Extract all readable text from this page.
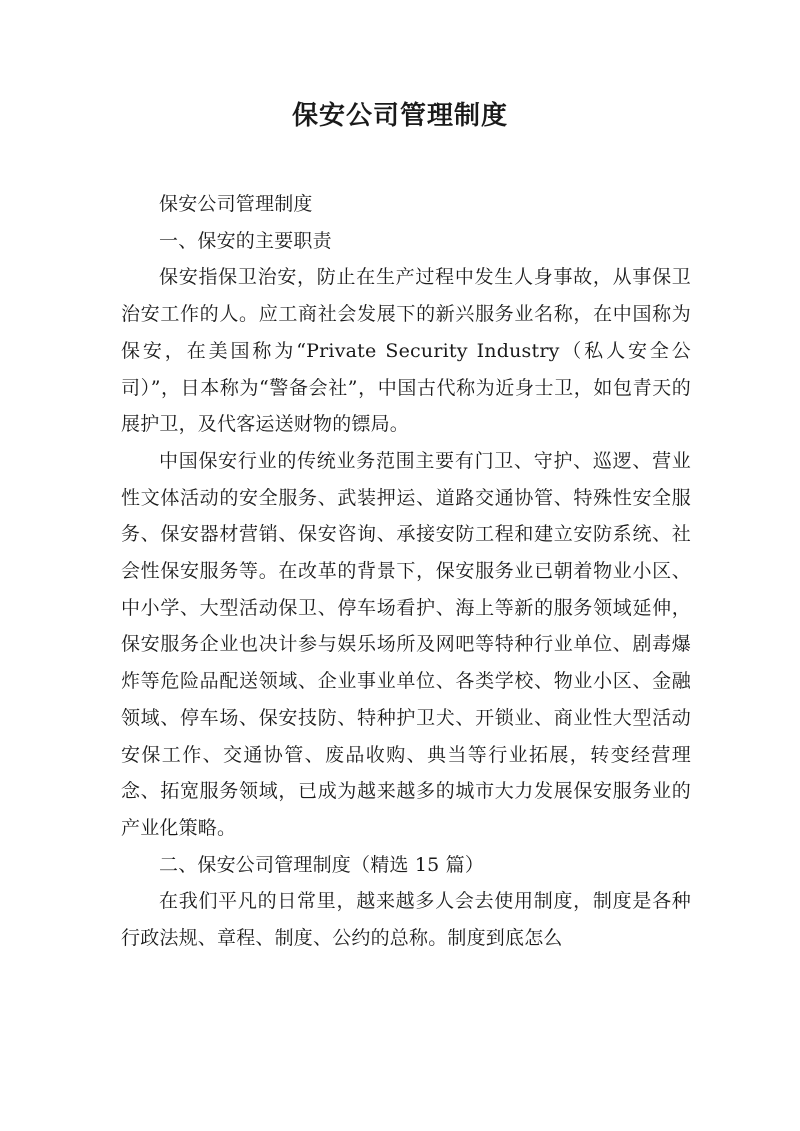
保安公司管理制度

保安公司管理制度

一、保安的主要职责

保安指保卫治安，防止在生产过程中发生人身事故，从事保卫治安工作的人。应工商社会发展下的新兴服务业名称，在中国称为保安，在美国称为“Private Security Industry（私人安全公司）”，日本称为“警备会社”，中国古代称为近身士卫，如包青天的展护卫，及代客运送财物的镖局。

中国保安行业的传统业务范围主要有门卫、守护、巡逻、营业性文体活动的安全服务、武装押运、道路交通协管、特殊性安全服务、保安器材营销、保安咨询、承接安防工程和建立安防系统、社会性保安服务等。在改革的背景下，保安服务业已朝着物业小区、中小学、大型活动保卫、停车场看护、海上等新的服务领域延伸，保安服务企业也决计参与娱乐场所及网吧等特种行业单位、剧毒爆炸等危险品配送领域、企业事业单位、各类学校、物业小区、金融领域、停车场、保安技防、特种护卫犬、开锁业、商业性大型活动安保工作、交通协管、废品收购、典当等行业拓展，转变经营理念、拓宽服务领域，已成为越来越多的城市大力发展保安服务业的产业化策略。

二、保安公司管理制度（精选 15 篇）

在我们平凡的日常里，越来越多人会去使用制度，制度是各种行政法规、章程、制度、公约的总称。制度到底怎么
